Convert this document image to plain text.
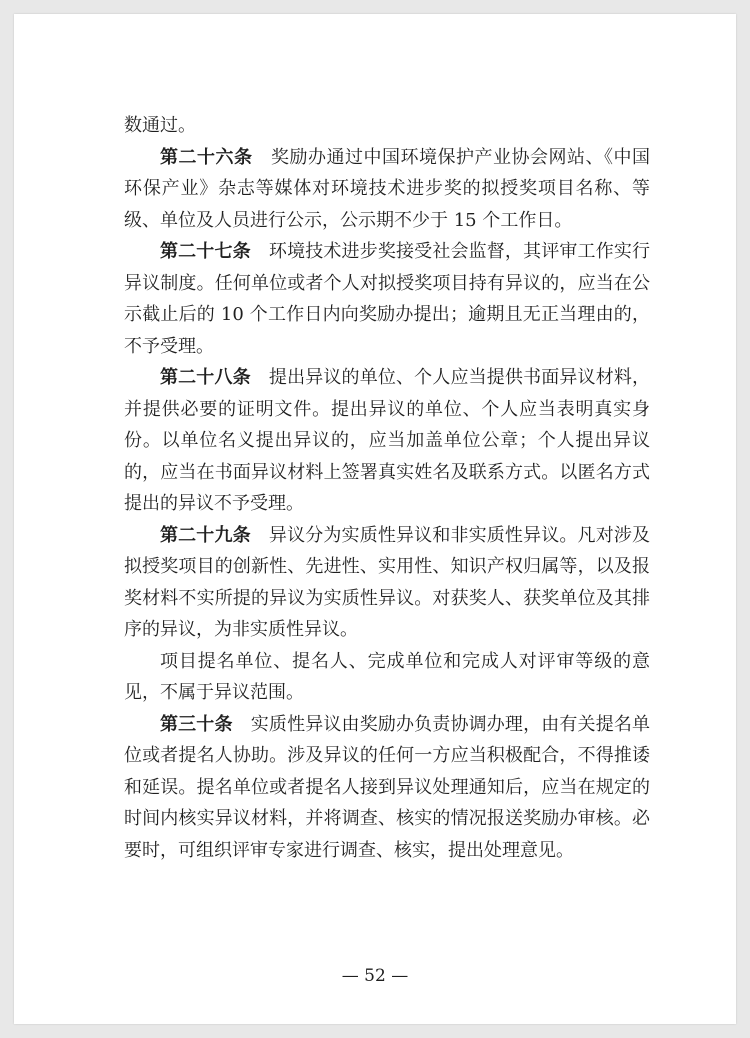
数通过。

第二十六条  奖励办通过中国环境保护产业协会网站、《中国环保产业》杂志等媒体对环境技术进步奖的拟授奖项目名称、等级、单位及人员进行公示，公示期不少于 15 个工作日。

第二十七条  环境技术进步奖接受社会监督，其评审工作实行异议制度。任何单位或者个人对拟授奖项目持有异议的，应当在公示截止后的 10 个工作日内向奖励办提出；逾期且无正当理由的，不予受理。

第二十八条  提出异议的单位、个人应当提供书面异议材料，并提供必要的证明文件。提出异议的单位、个人应当表明真实身份。以单位名义提出异议的，应当加盖单位公章；个人提出异议的，应当在书面异议材料上签署真实姓名及联系方式。以匿名方式提出的异议不予受理。

第二十九条  异议分为实质性异议和非实质性异议。凡对涉及拟授奖项目的创新性、先进性、实用性、知识产权归属等，以及报奖材料不实所提的异议为实质性异议。对获奖人、获奖单位及其排序的异议，为非实质性异议。

项目提名单位、提名人、完成单位和完成人对评审等级的意见，不属于异议范围。

第三十条  实质性异议由奖励办负责协调办理，由有关提名单位或者提名人协助。涉及异议的任何一方应当积极配合，不得推诿和延误。提名单位或者提名人接到异议处理通知后，应当在规定的时间内核实异议材料，并将调查、核实的情况报送奖励办审核。必要时，可组织评审专家进行调查、核实，提出处理意见。

— 52 —
